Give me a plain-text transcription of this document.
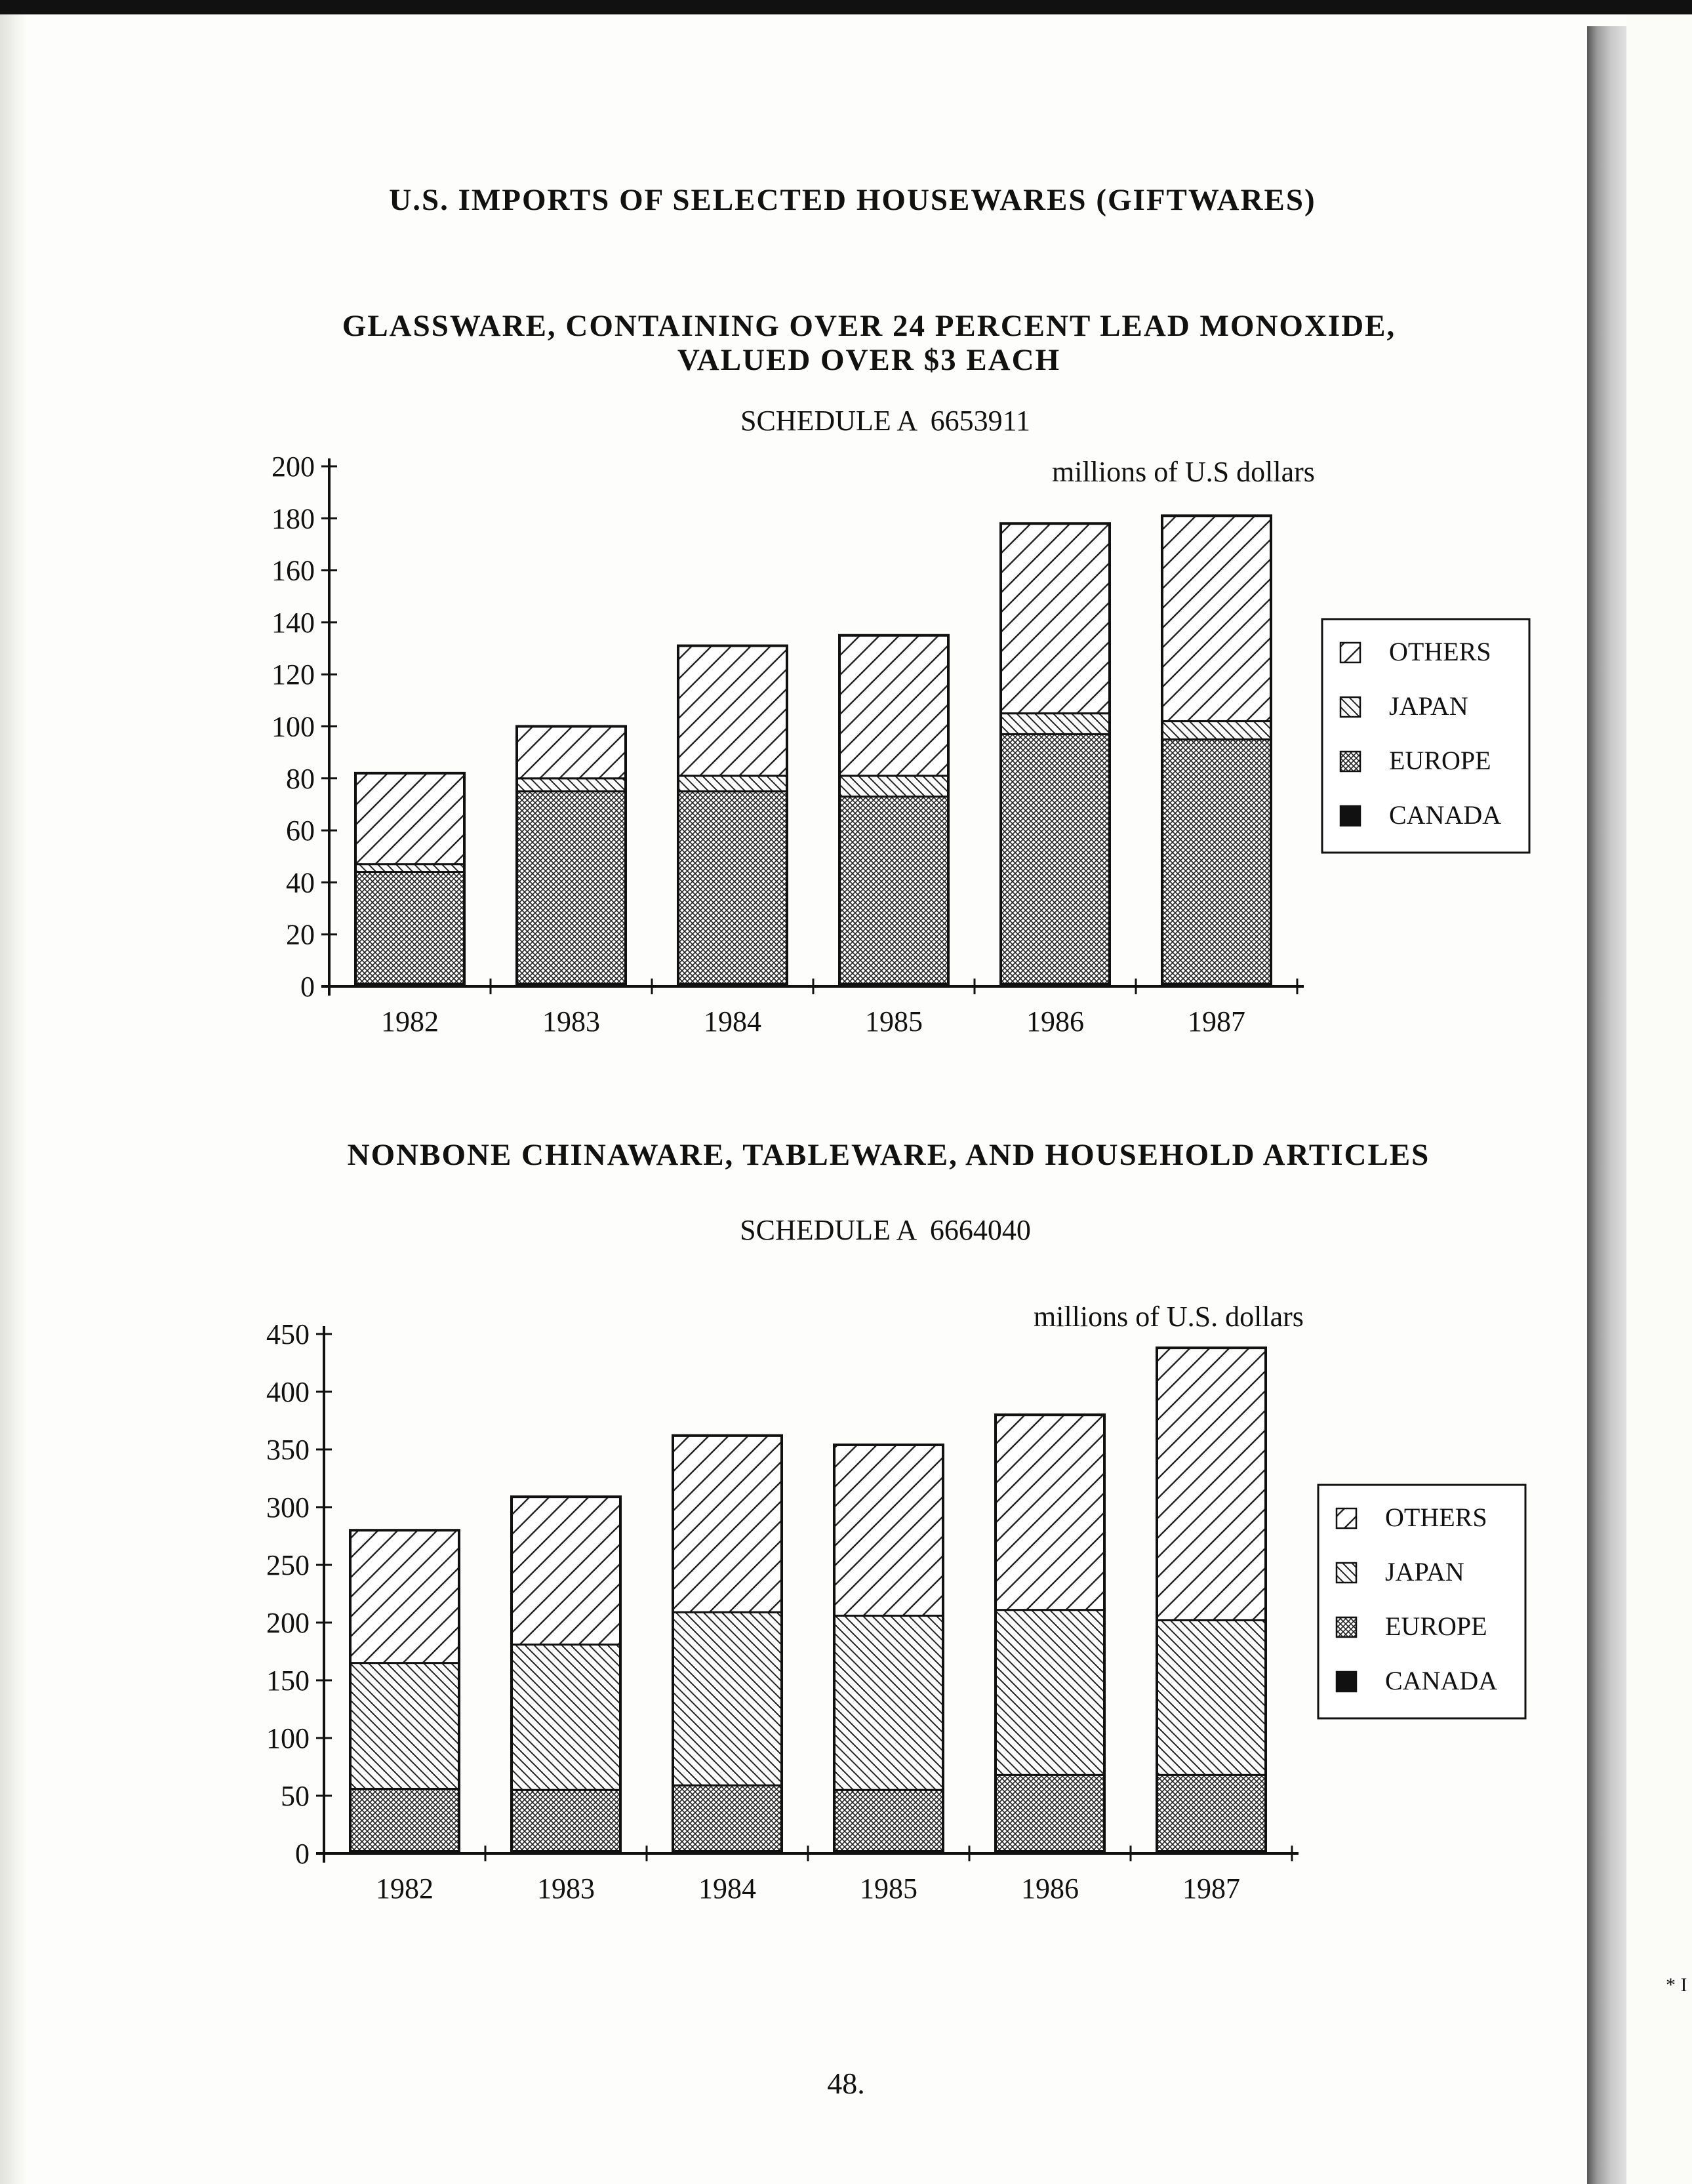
U.S. IMPORTS OF SELECTED HOUSEWARES (GIFTWARES)
GLASSWARE, CONTAINING OVER 24 PERCENT LEAD MONOXIDE,
VALUED OVER $3 EACH
SCHEDULE A  6653911
millions of U.S dollars
0
20
40
60
80
100
120
140
160
180
200
1982	1983	1984	1985	1986	1987
OTHERS
JAPAN
EUROPE
CANADA
NONBONE CHINAWARE, TABLEWARE, AND HOUSEHOLD ARTICLES
SCHEDULE A  6664040
millions of U.S. dollars
0
50
100
150
200
250
300
350
400
450
1982	1983	1984	1985	1986	1987
OTHERS
JAPAN
EUROPE
CANADA
48.
* I
